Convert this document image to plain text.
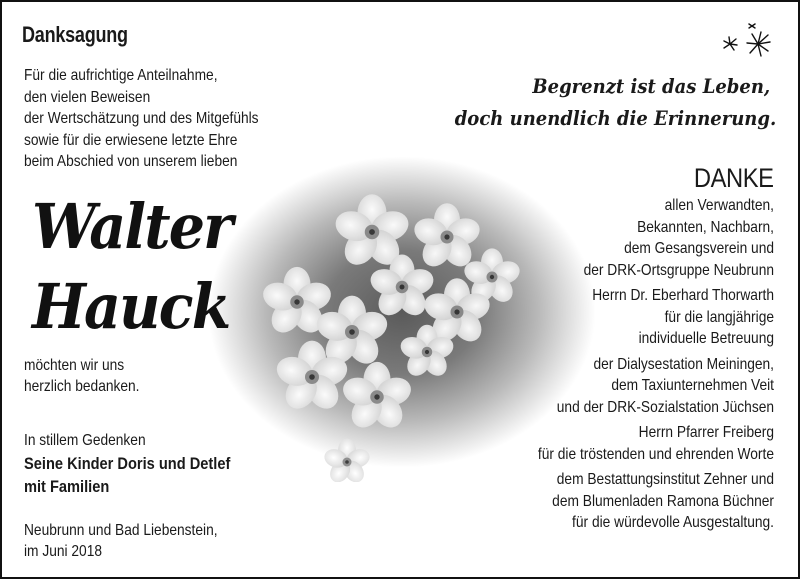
Danksagung
Für die aufrichtige Anteilnahme,
den vielen Beweisen
der Wertschätzung und des Mitgefühls
sowie für die erwiesene letzte Ehre
beim Abschied von unserem lieben
Walter
Hauck
möchten wir uns
herzlich bedanken.
In stillem Gedenken
Seine Kinder Doris und Detlef
mit Familien
Neubrunn und Bad Liebenstein,
im Juni 2018
Begrenzt ist das Leben,
doch unendlich die Erinnerung.
DANKE
allen Verwandten,
Bekannten, Nachbarn,
dem Gesangsverein und
der DRK-Ortsgruppe Neubrunn
Herrn Dr. Eberhard Thorwarth
für die langjährige
individuelle Betreuung
der Dialysestation Meiningen,
dem Taxiunternehmen Veit
und der DRK-Sozialstation Jüchsen
Herrn Pfarrer Freiberg
für die tröstenden und ehrenden Worte
dem Bestattungsinstitut Zehner und
dem Blumenladen Ramona Büchner
für die würdevolle Ausgestaltung.
